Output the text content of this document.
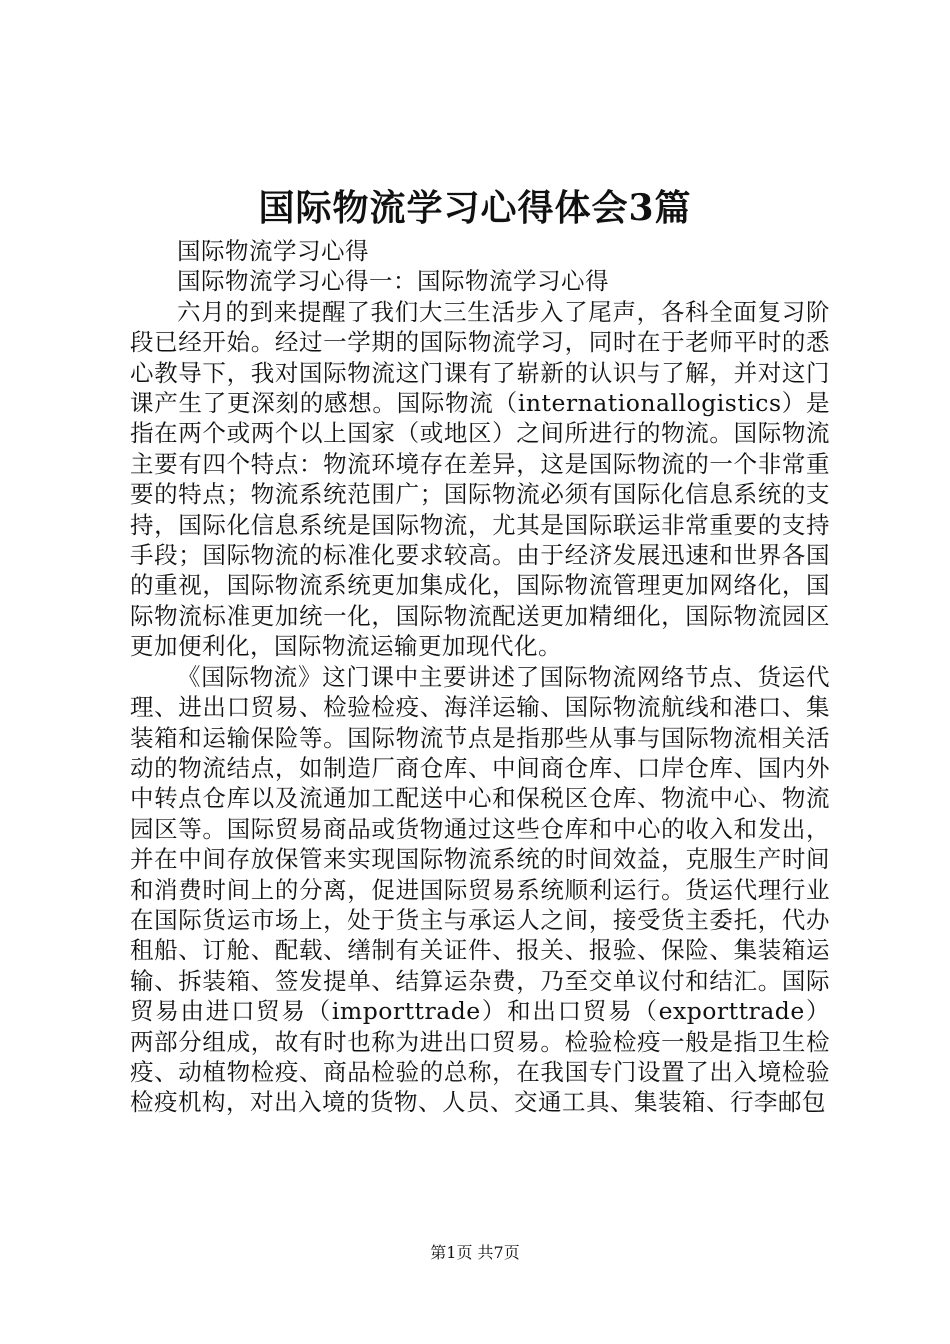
国际物流学习心得体会3篇

国际物流学习心得

国际物流学习心得一：国际物流学习心得

六月的到来提醒了我们大三生活步入了尾声，各科全面复习阶段已经开始。经过一学期的国际物流学习，同时在于老师平时的悉心教导下，我对国际物流这门课有了崭新的认识与了解，并对这门课产生了更深刻的感想。国际物流（internationallogistics）是指在两个或两个以上国家（或地区）之间所进行的物流。国际物流主要有四个特点：物流环境存在差异，这是国际物流的一个非常重要的特点；物流系统范围广；国际物流必须有国际化信息系统的支持，国际化信息系统是国际物流，尤其是国际联运非常重要的支持手段；国际物流的标准化要求较高。由于经济发展迅速和世界各国的重视，国际物流系统更加集成化，国际物流管理更加网络化，国际物流标准更加统一化，国际物流配送更加精细化，国际物流园区更加便利化，国际物流运输更加现代化。

《国际物流》这门课中主要讲述了国际物流网络节点、货运代理、进出口贸易、检验检疫、海洋运输、国际物流航线和港口、集装箱和运输保险等。国际物流节点是指那些从事与国际物流相关活动的物流结点，如制造厂商仓库、中间商仓库、口岸仓库、国内外中转点仓库以及流通加工配送中心和保税区仓库、物流中心、物流园区等。国际贸易商品或货物通过这些仓库和中心的收入和发出，并在中间存放保管来实现国际物流系统的时间效益，克服生产时间和消费时间上的分离，促进国际贸易系统顺利运行。货运代理行业在国际货运市场上，处于货主与承运人之间，接受货主委托，代办租船、订舱、配载、缮制有关证件、报关、报验、保险、集装箱运输、拆装箱、签发提单、结算运杂费，乃至交单议付和结汇。国际贸易由进口贸易（importtrade）和出口贸易（exporttrade）两部分组成，故有时也称为进出口贸易。检验检疫一般是指卫生检疫、动植物检疫、商品检验的总称，在我国专门设置了出入境检验检疫机构，对出入境的货物、人员、交通工具、集装箱、行李邮包

第1页 共7页
